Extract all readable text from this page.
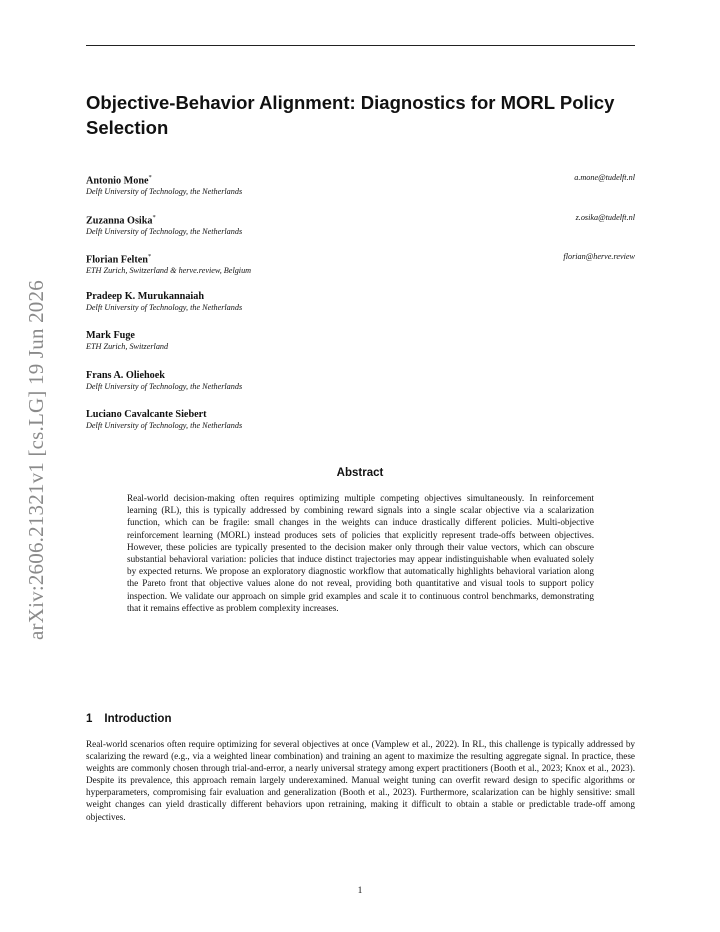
arXiv:2606.21321v1 [cs.LG] 19 Jun 2026
Objective-Behavior Alignment: Diagnostics for MORL Policy Selection
Antonio Mone*
Delft University of Technology, the Netherlands
a.mone@tudelft.nl
Zuzanna Osika*
Delft University of Technology, the Netherlands
z.osika@tudelft.nl
Florian Felten*
ETH Zurich, Switzerland & herve.review, Belgium
florian@herve.review
Pradeep K. Murukannaiah
Delft University of Technology, the Netherlands
Mark Fuge
ETH Zurich, Switzerland
Frans A. Oliehoek
Delft University of Technology, the Netherlands
Luciano Cavalcante Siebert
Delft University of Technology, the Netherlands
Abstract

Real-world decision-making often requires optimizing multiple competing objectives simultaneously. In reinforcement learning (RL), this is typically addressed by combining reward signals into a single scalar objective via a scalarization function, which can be fragile: small changes in the weights can induce drastically different policies. Multi-objective reinforcement learning (MORL) instead produces sets of policies that explicitly represent trade-offs between objectives. However, these policies are typically presented to the decision maker only through their value vectors, which can obscure substantial behavioral variation: policies that induce distinct trajectories may appear indistinguishable when evaluated solely by expected returns. We propose an exploratory diagnostic workflow that automatically highlights behavioral variation along the Pareto front that objective values alone do not reveal, providing both quantitative and visual tools to support policy inspection. We validate our approach on simple grid examples and scale it to continuous control benchmarks, demonstrating that it remains effective as problem complexity increases.

1 Introduction

Real-world scenarios often require optimizing for several objectives at once (Vamplew et al., 2022). In RL, this challenge is typically addressed by scalarizing the reward (e.g., via a weighted linear combination) and training an agent to maximize the resulting aggregate signal. In practice, these weights are commonly chosen through trial-and-error, a nearly universal strategy among expert practitioners (Booth et al., 2023; Knox et al., 2023). Despite its prevalence, this approach remain largely underexamined. Manual weight tuning can overfit reward design to specific algorithms or hyperparameters, compromising fair evaluation and generalization (Booth et al., 2023). Furthermore, scalarization can be highly sensitive: small weight changes can yield drastically different behaviors upon retraining, making it difficult to obtain a stable or predictable trade-off among objectives.

1
